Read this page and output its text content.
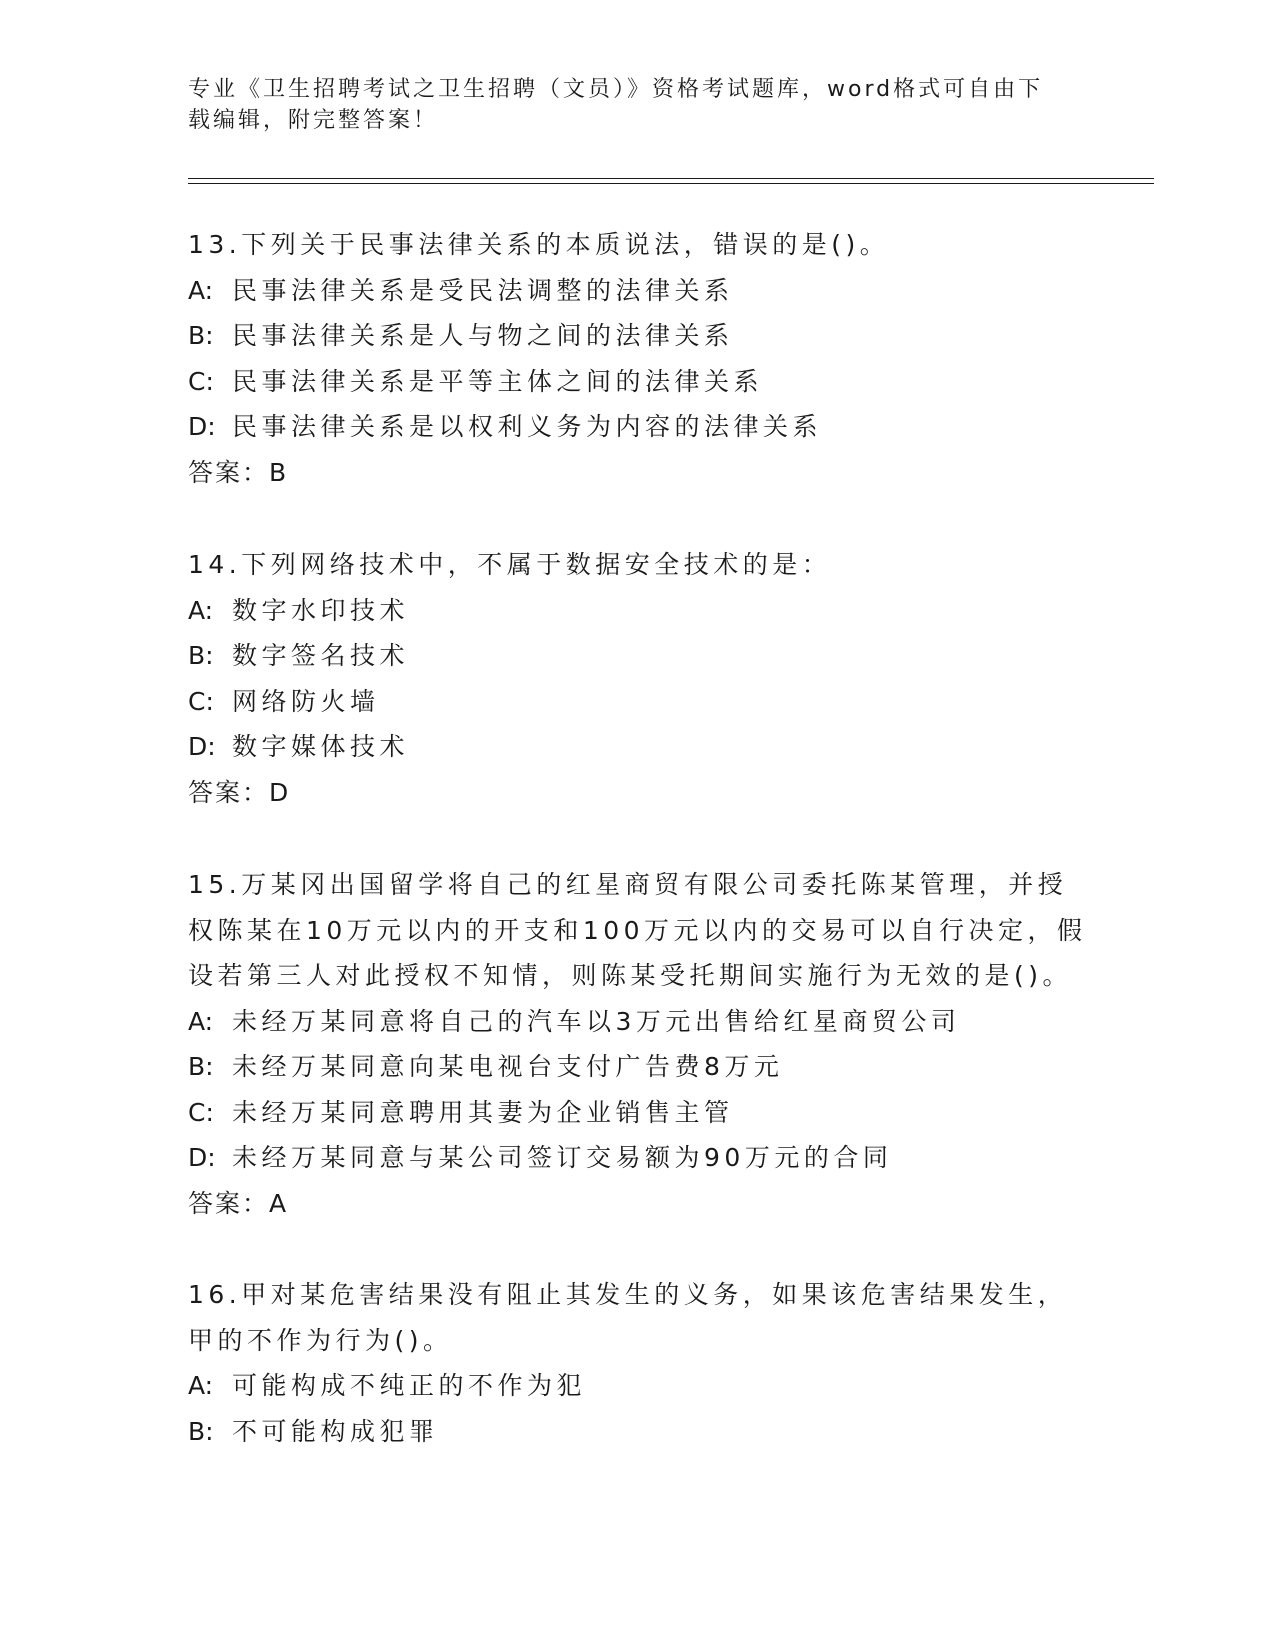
专业《卫生招聘考试之卫生招聘（文员）》资格考试题库，word格式可自由下载编辑，附完整答案！
13.下列关于民事法律关系的本质说法，错误的是()。
A: 民事法律关系是受民法调整的法律关系
B: 民事法律关系是人与物之间的法律关系
C: 民事法律关系是平等主体之间的法律关系
D: 民事法律关系是以权利义务为内容的法律关系
答案：B
14.下列网络技术中，不属于数据安全技术的是：
A: 数字水印技术
B: 数字签名技术
C: 网络防火墙
D: 数字媒体技术
答案：D
15.万某冈出国留学将自己的红星商贸有限公司委托陈某管理，并授权陈某在10万元以内的开支和100万元以内的交易可以自行决定，假设若第三人对此授权不知情，则陈某受托期间实施行为无效的是()。
A: 未经万某同意将自己的汽车以3万元出售给红星商贸公司
B: 未经万某同意向某电视台支付广告费8万元
C: 未经万某同意聘用其妻为企业销售主管
D: 未经万某同意与某公司签订交易额为90万元的合同
答案：A
16.甲对某危害结果没有阻止其发生的义务，如果该危害结果发生，甲的不作为行为()。
A: 可能构成不纯正的不作为犯
B: 不可能构成犯罪
